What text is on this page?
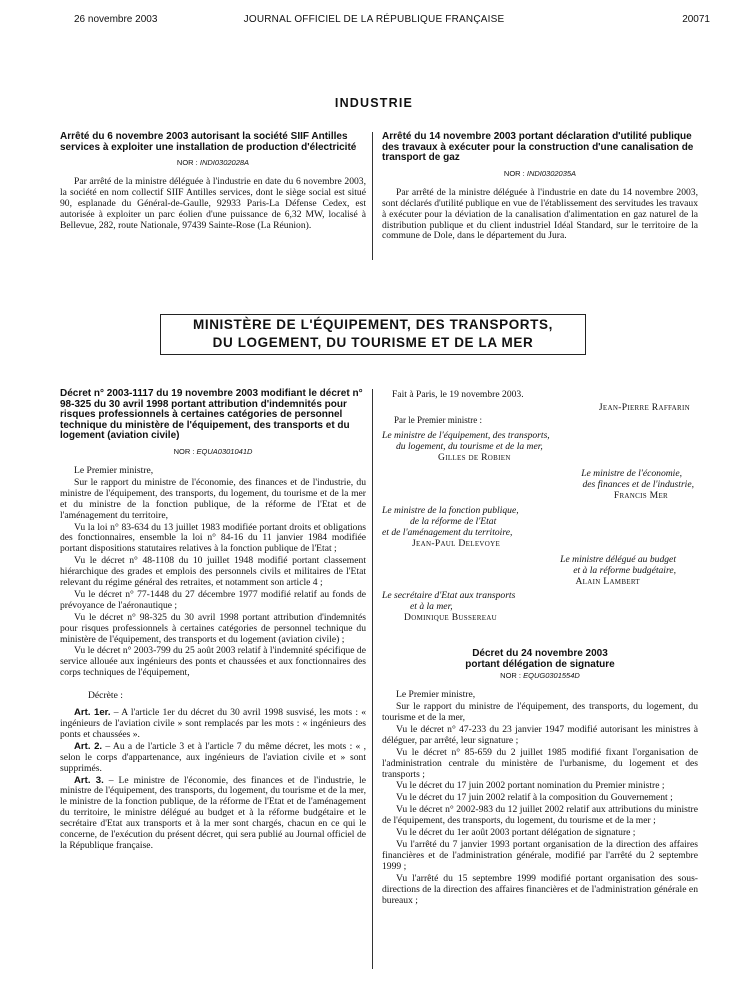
26 novembre 2003	JOURNAL OFFICIEL DE LA RÉPUBLIQUE FRANÇAISE	20071
INDUSTRIE
Arrêté du 6 novembre 2003 autorisant la société SIIF Antilles services à exploiter une installation de production d'électricité
NOR : INDI0302028A

Par arrêté de la ministre déléguée à l'industrie en date du 6 novembre 2003, la société en nom collectif SIIF Antilles services, dont le siège social est situé 90, esplanade du Général-de-Gaulle, 92933 Paris-La Défense Cedex, est autorisée à exploiter un parc éolien d'une puissance de 6,32 MW, localisé à Bellevue, 282, route Nationale, 97439 Sainte-Rose (La Réunion).

Arrêté du 14 novembre 2003 portant déclaration d'utilité publique des travaux à exécuter pour la construction d'une canalisation de transport de gaz
NOR : INDI0302035A

Par arrêté de la ministre déléguée à l'industrie en date du 14 novembre 2003, sont déclarés d'utilité publique en vue de l'établissement des servitudes les travaux à exécuter pour la déviation de la canalisation d'alimentation en gaz naturel de la distribution publique et du client industriel Idéal Standard, sur le territoire de la commune de Dole, dans le département du Jura.

MINISTÈRE DE L'ÉQUIPEMENT, DES TRANSPORTS,
DU LOGEMENT, DU TOURISME ET DE LA MER
Décret n° 2003-1117 du 19 novembre 2003 modifiant le décret n° 98-325 du 30 avril 1998 portant attribution d'indemnités pour risques professionnels à certaines catégories de personnel technique du ministère de l'équipement, des transports et du logement (aviation civile)
NOR : EQUA0301041D

Le Premier ministre,

Sur le rapport du ministre de l'économie, des finances et de l'industrie, du ministre de l'équipement, des transports, du logement, du tourisme et de la mer et du ministre de la fonction publique, de la réforme de l'Etat et de l'aménagement du territoire,

Vu la loi n° 83-634 du 13 juillet 1983 modifiée portant droits et obligations des fonctionnaires, ensemble la loi n° 84-16 du 11 janvier 1984 modifiée portant dispositions statutaires relatives à la fonction publique de l'Etat ;

Vu le décret n° 48-1108 du 10 juillet 1948 modifié portant classement hiérarchique des grades et emplois des personnels civils et militaires de l'Etat relevant du régime général des retraites, et notamment son article 4 ;

Vu le décret n° 77-1448 du 27 décembre 1977 modifié relatif au fonds de prévoyance de l'aéronautique ;

Vu le décret n° 98-325 du 30 avril 1998 portant attribution d'indemnités pour risques professionnels à certaines catégories de personnel technique du ministère de l'équipement, des transports et du logement (aviation civile) ;

Vu le décret n° 2003-799 du 25 août 2003 relatif à l'indemnité spécifique de service allouée aux ingénieurs des ponts et chaussées et aux fonctionnaires des corps techniques de l'équipement,

Décrète :

Art. 1er. – A l'article 1er du décret du 30 avril 1998 susvisé, les mots : « ingénieurs de l'aviation civile » sont remplacés par les mots : « ingénieurs des ponts et chaussées ».

Art. 2. – Au a de l'article 3 et à l'article 7 du même décret, les mots : « , selon le corps d'appartenance, aux ingénieurs de l'aviation civile et » sont supprimés.

Art. 3. – Le ministre de l'économie, des finances et de l'industrie, le ministre de l'équipement, des transports, du logement, du tourisme et de la mer, le ministre de la fonction publique, de la réforme de l'Etat et de l'aménagement du territoire, le ministre délégué au budget et à la réforme budgétaire et le secrétaire d'Etat aux transports et à la mer sont chargés, chacun en ce qui le concerne, de l'exécution du présent décret, qui sera publié au Journal officiel de la République française.

Fait à Paris, le 19 novembre 2003.
Jean-Pierre Raffarin
Par le Premier ministre :
Le ministre de l'équipement, des transports,
du logement, du tourisme et de la mer,
Gilles de Robien
Le ministre de l'économie,
des finances et de l'industrie,
Francis Mer
Le ministre de la fonction publique,
de la réforme de l'Etat
et de l'aménagement du territoire,
Jean-Paul Delevoye
Le ministre délégué au budget
et à la réforme budgétaire,
Alain Lambert
Le secrétaire d'Etat aux transports
et à la mer,
Dominique Bussereau
Décret du 24 novembre 2003
portant délégation de signature
NOR : EQUG0301554D

Le Premier ministre,

Sur le rapport du ministre de l'équipement, des transports, du logement, du tourisme et de la mer,

Vu le décret n° 47-233 du 23 janvier 1947 modifié autorisant les ministres à déléguer, par arrêté, leur signature ;

Vu le décret n° 85-659 du 2 juillet 1985 modifié fixant l'organisation de l'administration centrale du ministère de l'urbanisme, du logement et des transports ;

Vu le décret du 17 juin 2002 portant nomination du Premier ministre ;

Vu le décret du 17 juin 2002 relatif à la composition du Gouvernement ;

Vu le décret n° 2002-983 du 12 juillet 2002 relatif aux attributions du ministre de l'équipement, des transports, du logement, du tourisme et de la mer ;

Vu le décret du 1er août 2003 portant délégation de signature ;

Vu l'arrêté du 7 janvier 1993 portant organisation de la direction des affaires financières et de l'administration générale, modifié par l'arrêté du 2 septembre 1999 ;

Vu l'arrêté du 15 septembre 1999 modifié portant organisation des sous-directions de la direction des affaires financières et de l'administration générale en bureaux ;
